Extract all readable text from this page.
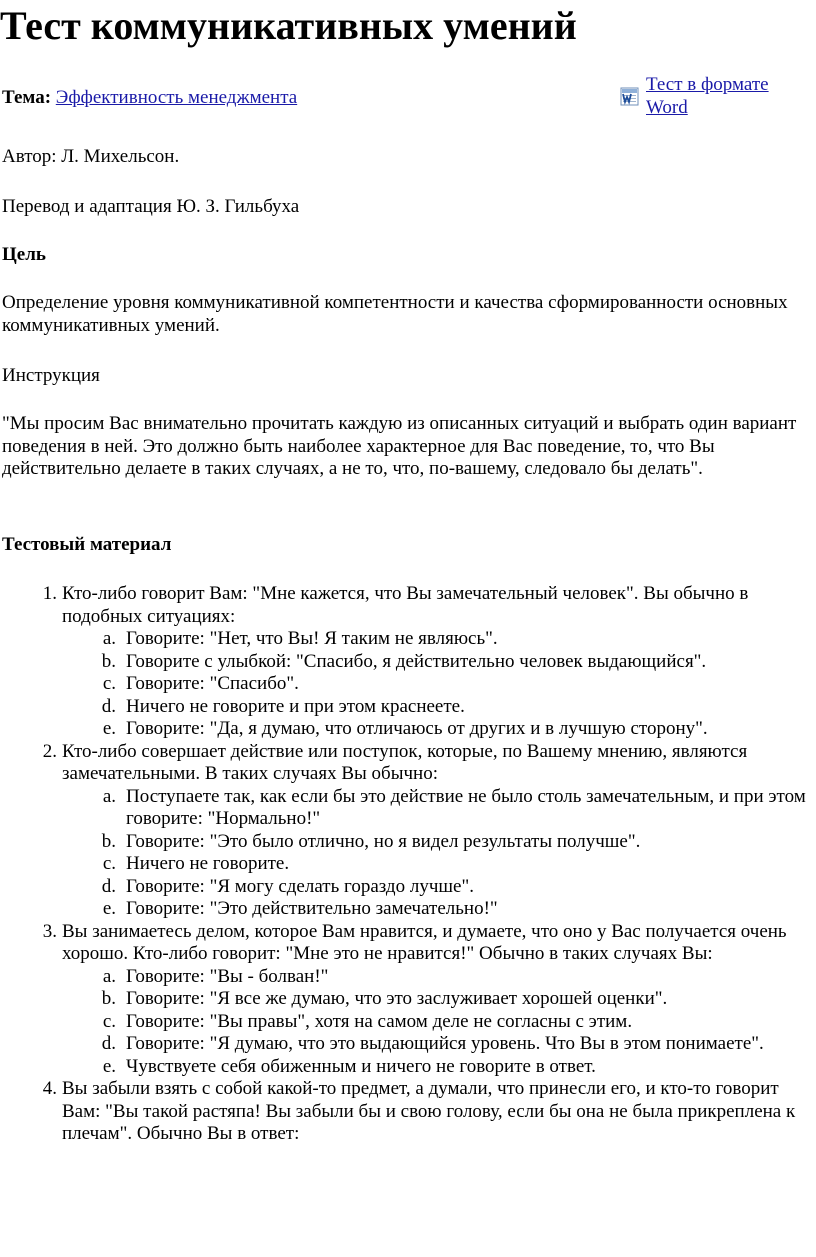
Тест коммуникативных умений

Тема: Эффективность менеджмента

Тест в формате
Word

Автор: Л. Михельсон.

Перевод и адаптация Ю. З. Гильбуха

Цель

Определение уровня коммуникативной компетентности и качества сформированности основных коммуникативных умений.

Инструкция

"Мы просим Вас внимательно прочитать каждую из описанных ситуаций и выбрать один вариант поведения в ней. Это должно быть наиболее характерное для Вас поведение, то, что Вы действительно делаете в таких случаях, а не то, что, по-вашему, следовало бы делать".

Тестовый материал

1. Кто-либо говорит Вам: "Мне кажется, что Вы замечательный человек". Вы обычно в подобных ситуациях:
a. Говорите: "Нет, что Вы! Я таким не являюсь".
b. Говорите с улыбкой: "Спасибо, я действительно человек выдающийся".
c. Говорите: "Спасибо".
d. Ничего не говорите и при этом краснеете.
e. Говорите: "Да, я думаю, что отличаюсь от других и в лучшую сторону".
2. Кто-либо совершает действие или поступок, которые, по Вашему мнению, являются замечательными. В таких случаях Вы обычно:
a. Поступаете так, как если бы это действие не было столь замечательным, и при этом говорите: "Нормально!"
b. Говорите: "Это было отлично, но я видел результаты получше".
c. Ничего не говорите.
d. Говорите: "Я могу сделать гораздо лучше".
e. Говорите: "Это действительно замечательно!"
3. Вы занимаетесь делом, которое Вам нравится, и думаете, что оно у Вас получается очень хорошо. Кто-либо говорит: "Мне это не нравится!" Обычно в таких случаях Вы:
a. Говорите: "Вы - болван!"
b. Говорите: "Я все же думаю, что это заслуживает хорошей оценки".
c. Говорите: "Вы правы", хотя на самом деле не согласны с этим.
d. Говорите: "Я думаю, что это выдающийся уровень. Что Вы в этом понимаете".
e. Чувствуете себя обиженным и ничего не говорите в ответ.
4. Вы забыли взять с собой какой-то предмет, а думали, что принесли его, и кто-то говорит Вам: "Вы такой растяпа! Вы забыли бы и свою голову, если бы она не была прикреплена к плечам". Обычно Вы в ответ:
